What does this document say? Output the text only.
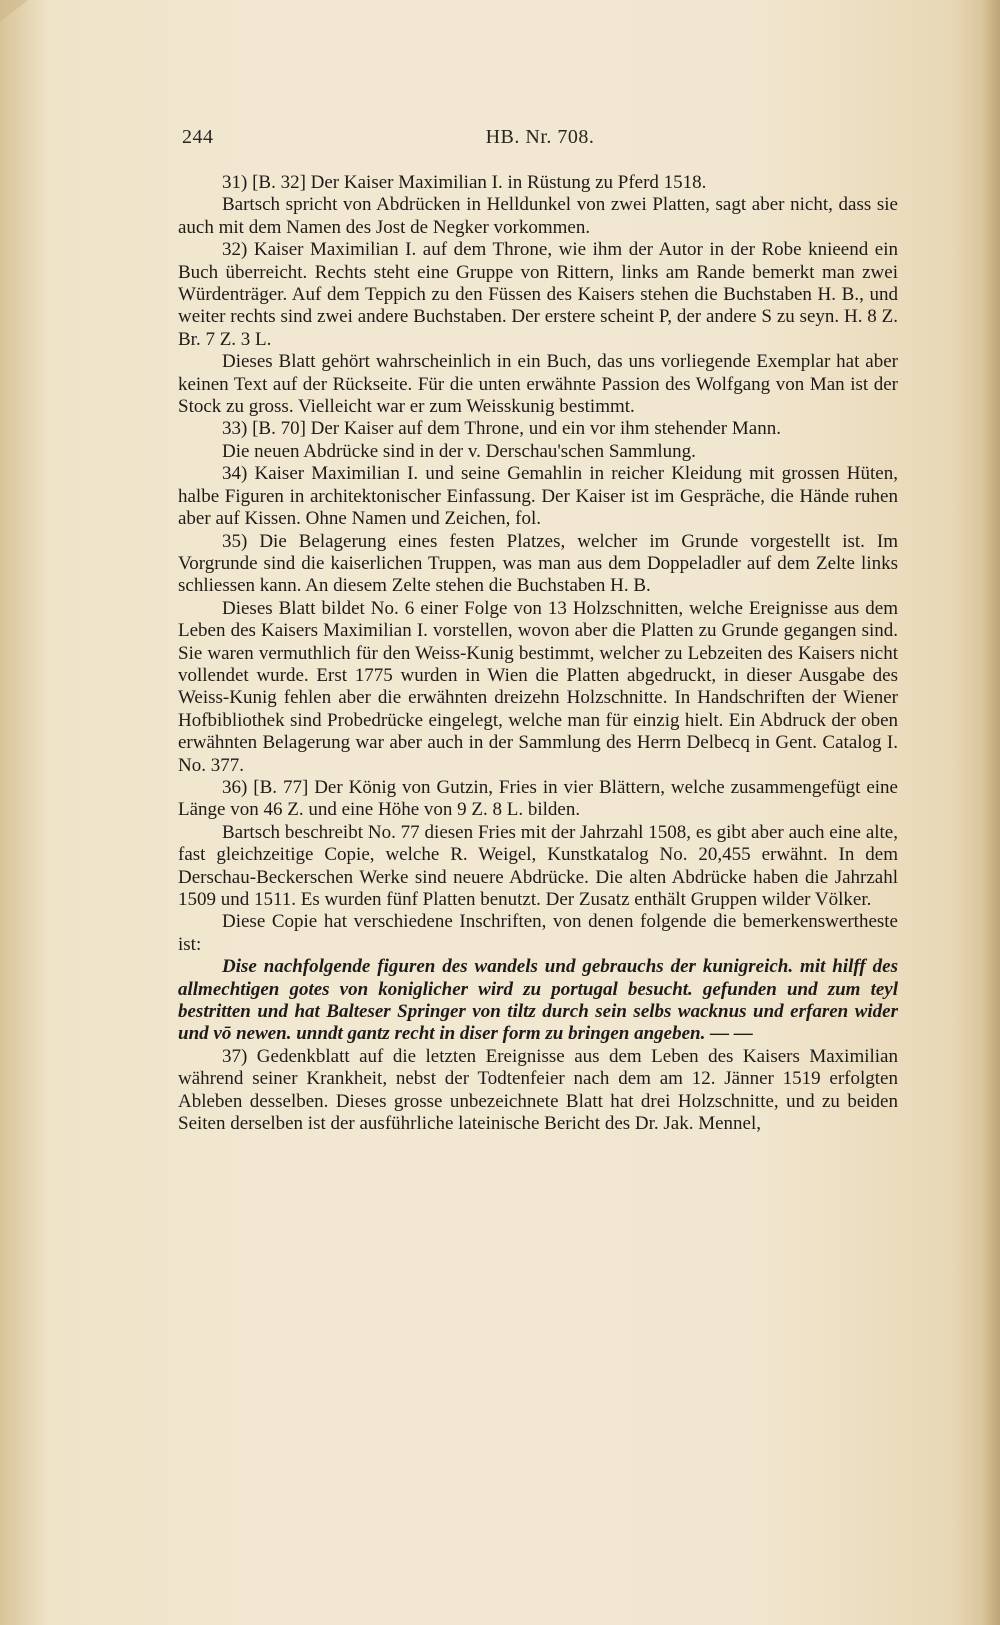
244	HB. Nr. 708.

31) [B. 32] Der Kaiser Maximilian I. in Rüstung zu Pferd 1518.

Bartsch spricht von Abdrücken in Helldunkel von zwei Platten, sagt aber nicht, dass sie auch mit dem Namen des Jost de Negker vorkommen.

32) Kaiser Maximilian I. auf dem Throne, wie ihm der Autor in der Robe knieend ein Buch überreicht. Rechts steht eine Gruppe von Rittern, links am Rande bemerkt man zwei Würdenträger. Auf dem Teppich zu den Füssen des Kaisers stehen die Buchstaben H. B., und weiter rechts sind zwei andere Buchstaben. Der erstere scheint P, der andere S zu seyn. H. 8 Z. Br. 7 Z. 3 L.

Dieses Blatt gehört wahrscheinlich in ein Buch, das uns vorliegende Exemplar hat aber keinen Text auf der Rückseite. Für die unten erwähnte Passion des Wolfgang von Man ist der Stock zu gross. Vielleicht war er zum Weisskunig bestimmt.

33) [B. 70] Der Kaiser auf dem Throne, und ein vor ihm stehender Mann.

Die neuen Abdrücke sind in der v. Derschau'schen Sammlung.

34) Kaiser Maximilian I. und seine Gemahlin in reicher Kleidung mit grossen Hüten, halbe Figuren in architektonischer Einfassung. Der Kaiser ist im Gespräche, die Hände ruhen aber auf Kissen. Ohne Namen und Zeichen, fol.

35) Die Belagerung eines festen Platzes, welcher im Grunde vorgestellt ist. Im Vorgrunde sind die kaiserlichen Truppen, was man aus dem Doppeladler auf dem Zelte links schliessen kann. An diesem Zelte stehen die Buchstaben H. B.

Dieses Blatt bildet No. 6 einer Folge von 13 Holzschnitten, welche Ereignisse aus dem Leben des Kaisers Maximilian I. vorstellen, wovon aber die Platten zu Grunde gegangen sind. Sie waren vermuthlich für den Weiss-Kunig bestimmt, welcher zu Lebzeiten des Kaisers nicht vollendet wurde. Erst 1775 wurden in Wien die Platten abgedruckt, in dieser Ausgabe des Weiss-Kunig fehlen aber die erwähnten dreizehn Holzschnitte. In Handschriften der Wiener Hofbibliothek sind Probedrücke eingelegt, welche man für einzig hielt. Ein Abdruck der oben erwähnten Belagerung war aber auch in der Sammlung des Herrn Delbecq in Gent. Catalog I. No. 377.

36) [B. 77] Der König von Gutzin, Fries in vier Blättern, welche zusammengefügt eine Länge von 46 Z. und eine Höhe von 9 Z. 8 L. bilden.

Bartsch beschreibt No. 77 diesen Fries mit der Jahrzahl 1508, es gibt aber auch eine alte, fast gleichzeitige Copie, welche R. Weigel, Kunstkatalog No. 20,455 erwähnt. In dem Derschau-Beckerschen Werke sind neuere Abdrücke. Die alten Abdrücke haben die Jahrzahl 1509 und 1511. Es wurden fünf Platten benutzt. Der Zusatz enthält Gruppen wilder Völker.

Diese Copie hat verschiedene Inschriften, von denen folgende die bemerkenswertheste ist:

Dise nachfolgende figuren des wandels und gebrauchs der kunigreich. mit hilff des allmechtigen gotes von koniglicher wird zu portugal besucht. gefunden und zum teyl bestritten und hat Balteser Springer von tiltz durch sein selbs wacknus und erfaren wider und vō newen. unndt gantz recht in diser form zu bringen angeben. — —

37) Gedenkblatt auf die letzten Ereignisse aus dem Leben des Kaisers Maximilian während seiner Krankheit, nebst der Todtenfeier nach dem am 12. Jänner 1519 erfolgten Ableben desselben. Dieses grosse unbezeichnete Blatt hat drei Holzschnitte, und zu beiden Seiten derselben ist der ausführliche lateinische Bericht des Dr. Jak. Mennel,
